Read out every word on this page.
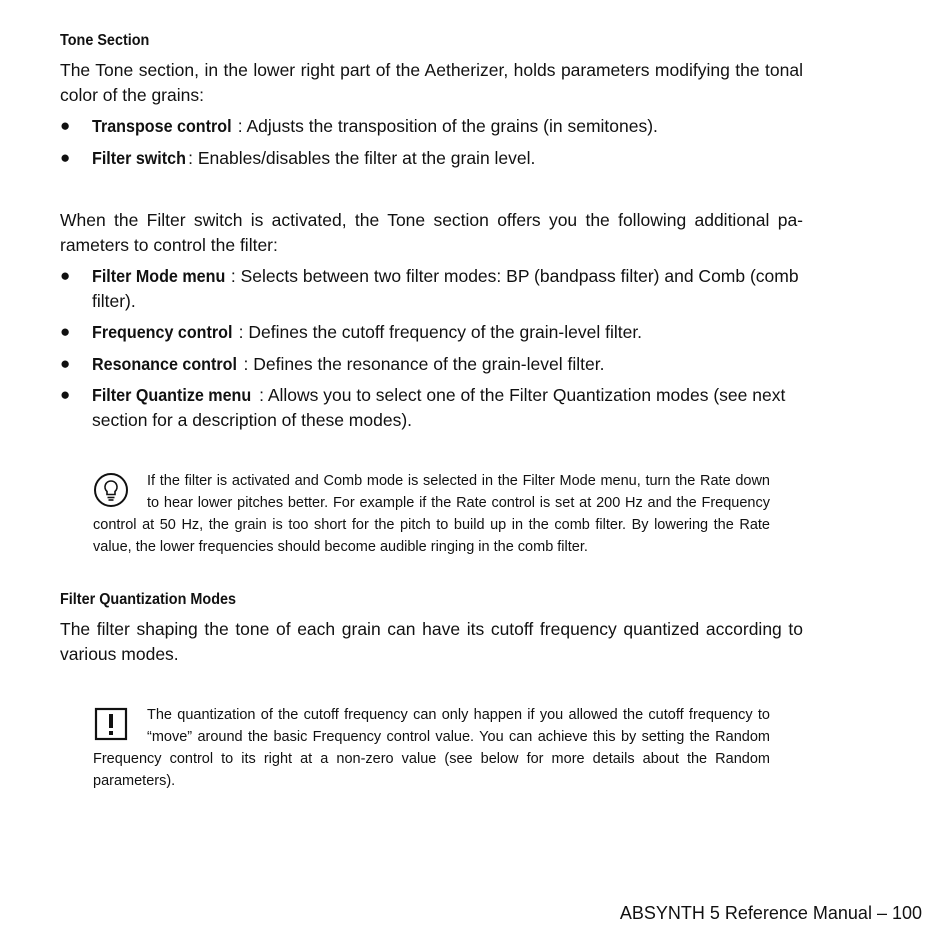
Tone Section

The Tone section, in the lower right part of the Aetherizer, holds parameters modifying the tonal color of the grains:

● Transpose control : Adjusts the transposition of the grains (in semitones).
● Filter switch : Enables/disables the filter at the grain level.

When the Filter switch is activated, the Tone section offers you the following additional pa-rameters to control the filter:

● Filter Mode menu : Selects between two filter modes: BP (bandpass filter) and Comb (comb filter).
● Frequency control : Defines the cutoff frequency of the grain-level filter.
● Resonance control : Defines the resonance of the grain-level filter.
● Filter Quantize menu : Allows you to select one of the Filter Quantization modes (see next section for a description of these modes).
If the filter is activated and Comb mode is selected in the Filter Mode menu, turn the Rate down to hear lower pitches better. For example if the Rate control is set at 200 Hz and the Frequency control at 50 Hz, the grain is too short for the pitch to build up in the comb filter. By lowering the Rate value, the lower frequencies should become audible ringing in the comb filter.
Filter Quantization Modes

The filter shaping the tone of each grain can have its cutoff frequency quantized according to various modes.

The quantization of the cutoff frequency can only happen if you allowed the cutoff frequency to “move” around the basic Frequency control value. You can achieve this by setting the Random Frequency control to its right at a non-zero value (see below for more details about the Random parameters).
ABSYNTH 5 Reference Manual – 100
